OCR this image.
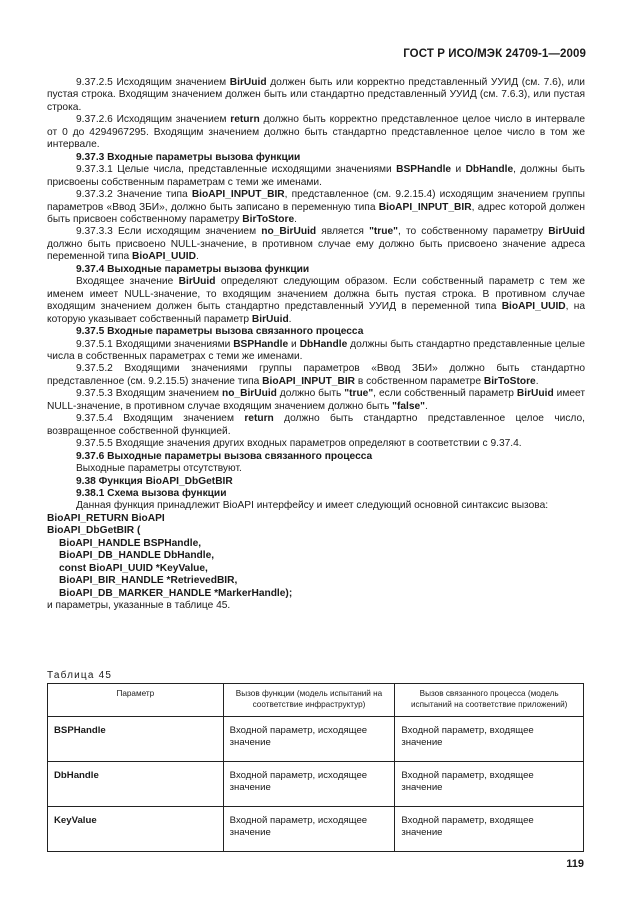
ГОСТ Р ИСО/МЭК 24709-1—2009

9.37.2.5 Исходящим значением BirUuid должен быть или корректно представленный УУИД (см. 7.6), или пустая строка. Входящим значением должен быть или стандартно представленный УУИД (см. 7.6.3), или пустая строка.

9.37.2.6 Исходящим значением return должно быть корректно представленное целое число в интервале от 0 до 4294967295. Входящим значением должно быть стандартно представленное целое число в том же интервале.

9.37.3 Входные параметры вызова функции

9.37.3.1 Целые числа, представленные исходящими значениями BSPHandle и DbHandle, должны быть присвоены собственным параметрам с теми же именами.

9.37.3.2 Значение типа BioAPI_INPUT_BIR, представленное (см. 9.2.15.4) исходящим значением группы параметров «Ввод ЗБИ», должно быть записано в переменную типа BioAPI_INPUT_BIR, адрес которой должен быть присвоен собственному параметру BirToStore.

9.37.3.3 Если исходящим значением no_BirUuid является "true", то собственному параметру BirUuid должно быть присвоено NULL-значение, в противном случае ему должно быть присвоено значение адреса переменной типа BioAPI_UUID.

9.37.4 Выходные параметры вызова функции

Входящее значение BirUuid определяют следующим образом. Если собственный параметр с тем же именем имеет NULL-значение, то входящим значением должна быть пустая строка. В противном случае входящим значением должен быть стандартно представленный УУИД в переменной типа BioAPI_UUID, на которую указывает собственный параметр BirUuid.

9.37.5 Входные параметры вызова связанного процесса

9.37.5.1 Входящими значениями BSPHandle и DbHandle должны быть стандартно представленные целые числа в собственных параметрах с теми же именами.

9.37.5.2 Входящими значениями группы параметров «Ввод ЗБИ» должно быть стандартно представленное (см. 9.2.15.5) значение типа BioAPI_INPUT_BIR в собственном параметре BirToStore.

9.37.5.3 Входящим значением no_BirUuid должно быть "true", если собственный параметр BirUuid имеет NULL-значение, в противном случае входящим значением должно быть "false".

9.37.5.4 Входящим значением return должно быть стандартно представленное целое число, возвращенное собственной функцией.

9.37.5.5 Входящие значения других входных параметров определяют в соответствии с 9.37.4.

9.37.6 Выходные параметры вызова связанного процесса

Выходные параметры отсутствуют.

9.38 Функция BioAPI_DbGetBIR

9.38.1 Схема вызова функции

Данная функция принадлежит BioAPI интерфейсу и имеет следующий основной синтаксис вызова:

BioAPI_RETURN BioAPI
BioAPI_DbGetBIR (
BioAPI_HANDLE BSPHandle,
BioAPI_DB_HANDLE DbHandle,
const BioAPI_UUID *KeyValue,
BioAPI_BIR_HANDLE *RetrievedBIR,
BioAPI_DB_MARKER_HANDLE *MarkerHandle);

и параметры, указанные в таблице 45.

Таблица 45
Параметр	Вызов функции (модель испытаний на соответствие инфраструктур)	Вызов связанного процесса (модель испытаний на соответствие приложений)
BSPHandle	Входной параметр, исходящее значение	Входной параметр, входящее значение
DbHandle	Входной параметр, исходящее значение	Входной параметр, входящее значение
KeyValue	Входной параметр, исходящее значение	Входной параметр, входящее значение
119
